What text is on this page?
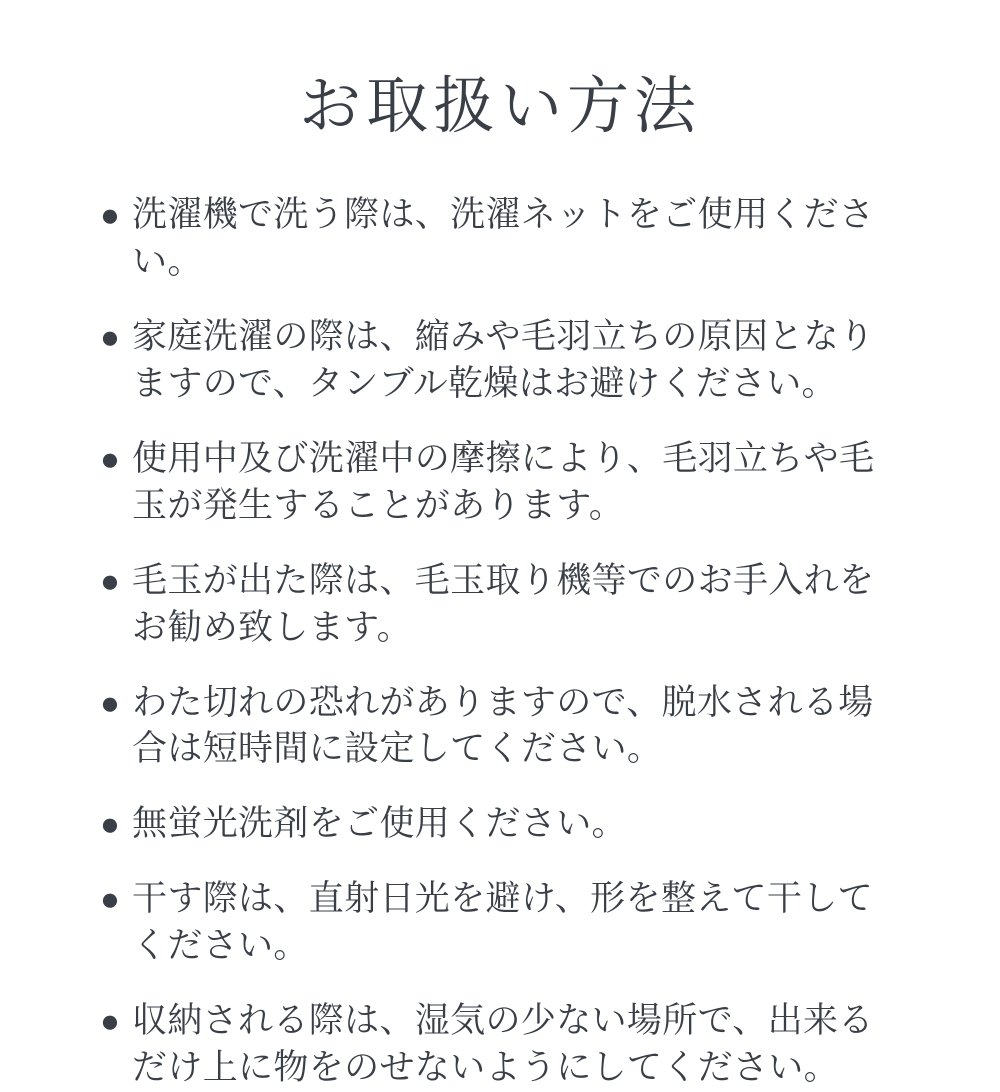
お取扱い方法
● 洗濯機で洗う際は、洗濯ネットをご使用ください。
● 家庭洗濯の際は、縮みや毛羽立ちの原因となりますので、タンブル乾燥はお避けください。
● 使用中及び洗濯中の摩擦により、毛羽立ちや毛玉が発生することがあります。
● 毛玉が出た際は、毛玉取り機等でのお手入れをお勧め致します。
● わた切れの恐れがありますので、脱水される場合は短時間に設定してください。
● 無蛍光洗剤をご使用ください。
● 干す際は、直射日光を避け、形を整えて干してください。
● 収納される際は、湿気の少ない場所で、出来るだけ上に物をのせないようにしてください。
